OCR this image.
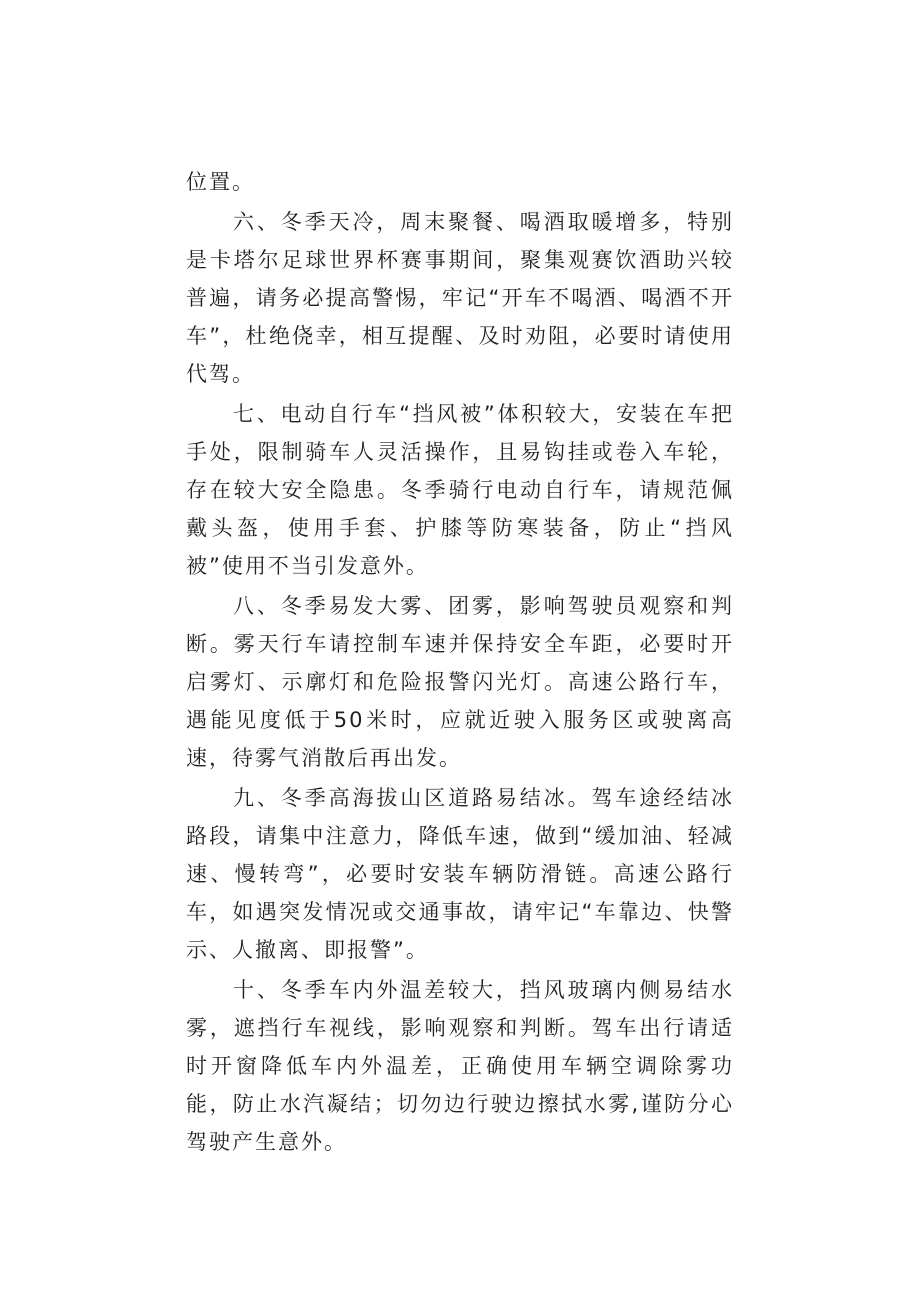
位置。

六、冬季天冷，周末聚餐、喝酒取暖增多，特别是卡塔尔足球世界杯赛事期间，聚集观赛饮酒助兴较普遍，请务必提高警惕，牢记“开车不喝酒、喝酒不开车”，杜绝侥幸，相互提醒、及时劝阻，必要时请使用代驾。

七、电动自行车“挡风被”体积较大，安装在车把手处，限制骑车人灵活操作，且易钩挂或卷入车轮，存在较大安全隐患。冬季骑行电动自行车，请规范佩戴头盔，使用手套、护膝等防寒装备，防止“挡风被”使用不当引发意外。

八、冬季易发大雾、团雾，影响驾驶员观察和判断。雾天行车请控制车速并保持安全车距，必要时开启雾灯、示廓灯和危险报警闪光灯。高速公路行车，遇能见度低于50米时，应就近驶入服务区或驶离高速，待雾气消散后再出发。

九、冬季高海拔山区道路易结冰。驾车途经结冰路段，请集中注意力，降低车速，做到“缓加油、轻减速、慢转弯”，必要时安装车辆防滑链。高速公路行车，如遇突发情况或交通事故，请牢记“车靠边、快警示、人撤离、即报警”。

十、冬季车内外温差较大，挡风玻璃内侧易结水雾，遮挡行车视线，影响观察和判断。驾车出行请适时开窗降低车内外温差，正确使用车辆空调除雾功能，防止水汽凝结；切勿边行驶边擦拭水雾,谨防分心驾驶产生意外。
